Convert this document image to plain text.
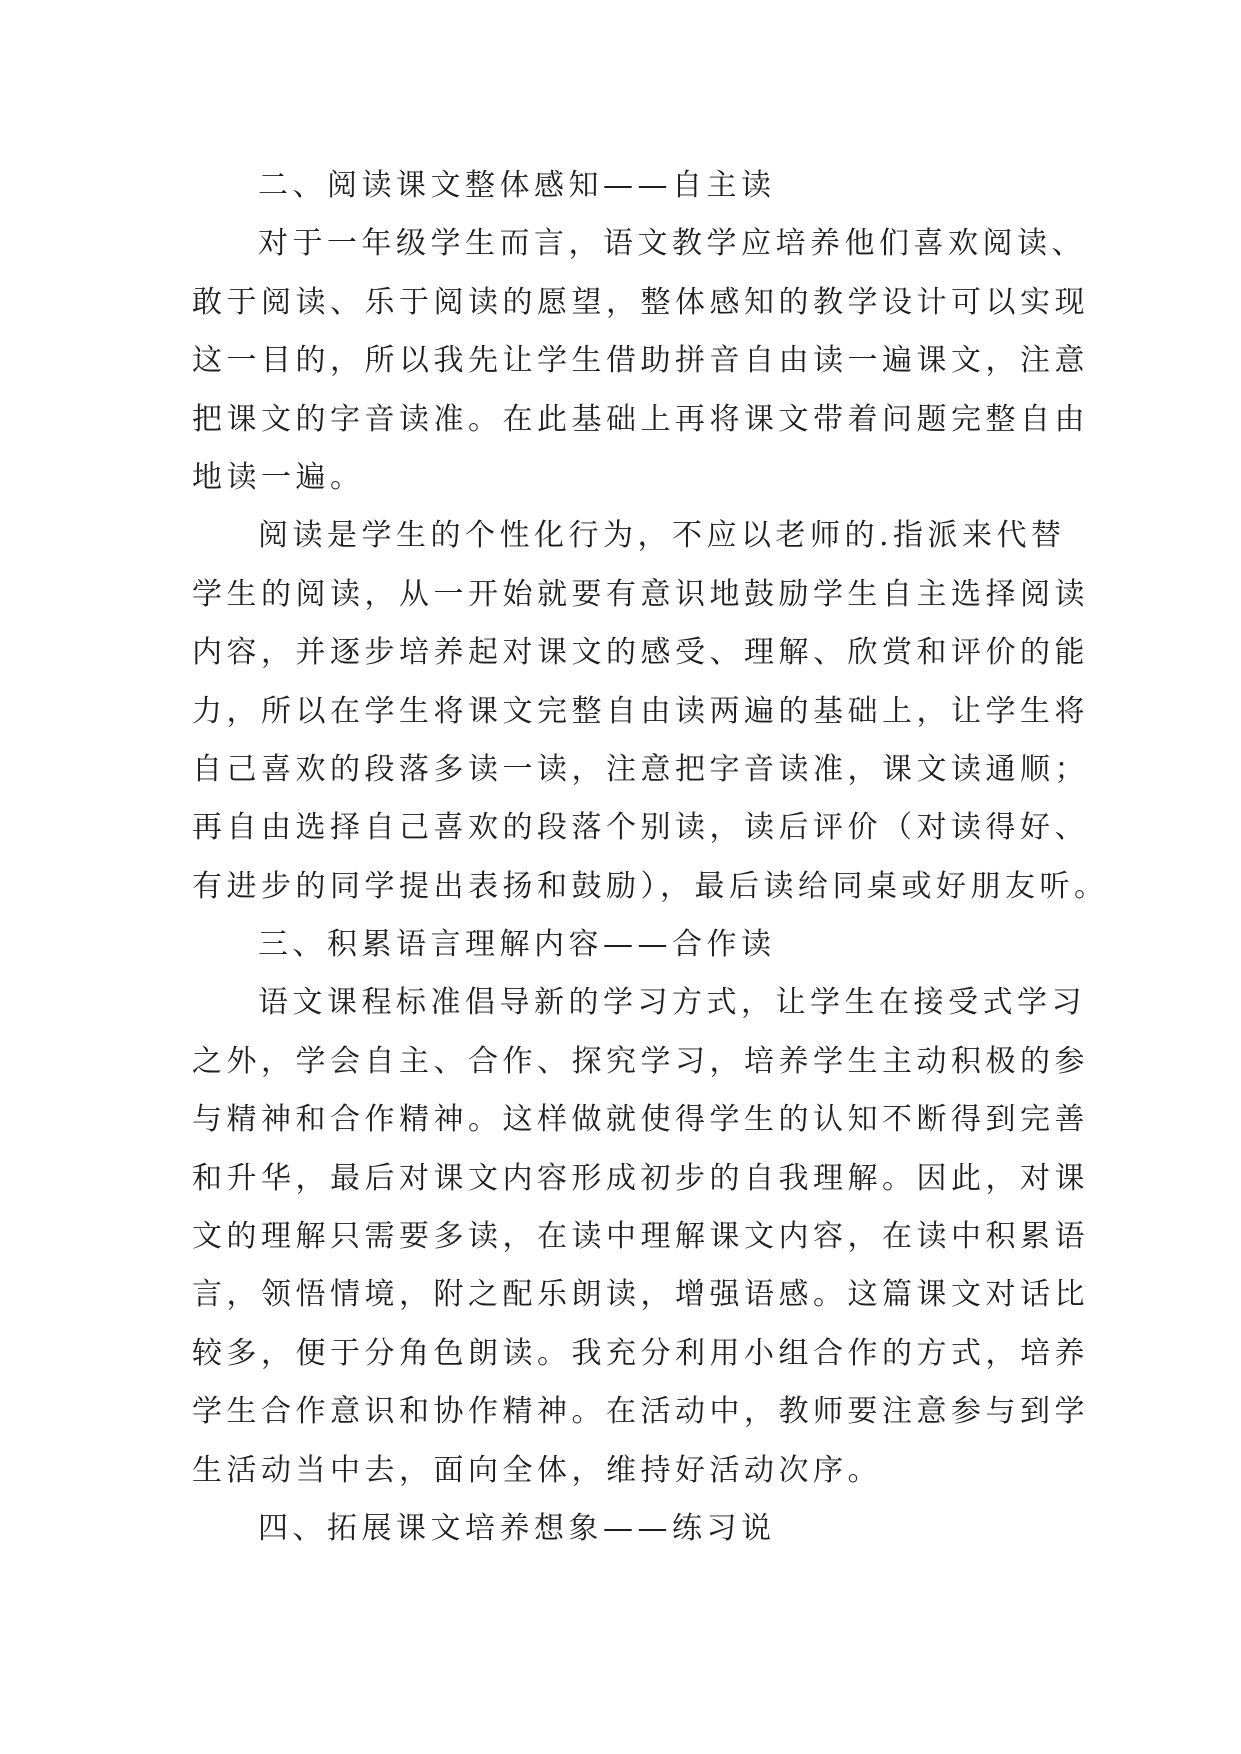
二、阅读课文整体感知——自主读
对于一年级学生而言，语文教学应培养他们喜欢阅读、
敢于阅读、乐于阅读的愿望，整体感知的教学设计可以实现
这一目的，所以我先让学生借助拼音自由读一遍课文，注意
把课文的字音读准。在此基础上再将课文带着问题完整自由
地读一遍。
阅读是学生的个性化行为，不应以老师的.指派来代替
学生的阅读，从一开始就要有意识地鼓励学生自主选择阅读
内容，并逐步培养起对课文的感受、理解、欣赏和评价的能
力，所以在学生将课文完整自由读两遍的基础上，让学生将
自己喜欢的段落多读一读，注意把字音读准，课文读通顺；
再自由选择自己喜欢的段落个别读，读后评价（对读得好、
有进步的同学提出表扬和鼓励），最后读给同桌或好朋友听。
三、积累语言理解内容——合作读
语文课程标准倡导新的学习方式，让学生在接受式学习
之外，学会自主、合作、探究学习，培养学生主动积极的参
与精神和合作精神。这样做就使得学生的认知不断得到完善
和升华，最后对课文内容形成初步的自我理解。因此，对课
文的理解只需要多读，在读中理解课文内容，在读中积累语
言，领悟情境，附之配乐朗读，增强语感。这篇课文对话比
较多，便于分角色朗读。我充分利用小组合作的方式，培养
学生合作意识和协作精神。在活动中，教师要注意参与到学
生活动当中去，面向全体，维持好活动次序。
四、拓展课文培养想象——练习说
